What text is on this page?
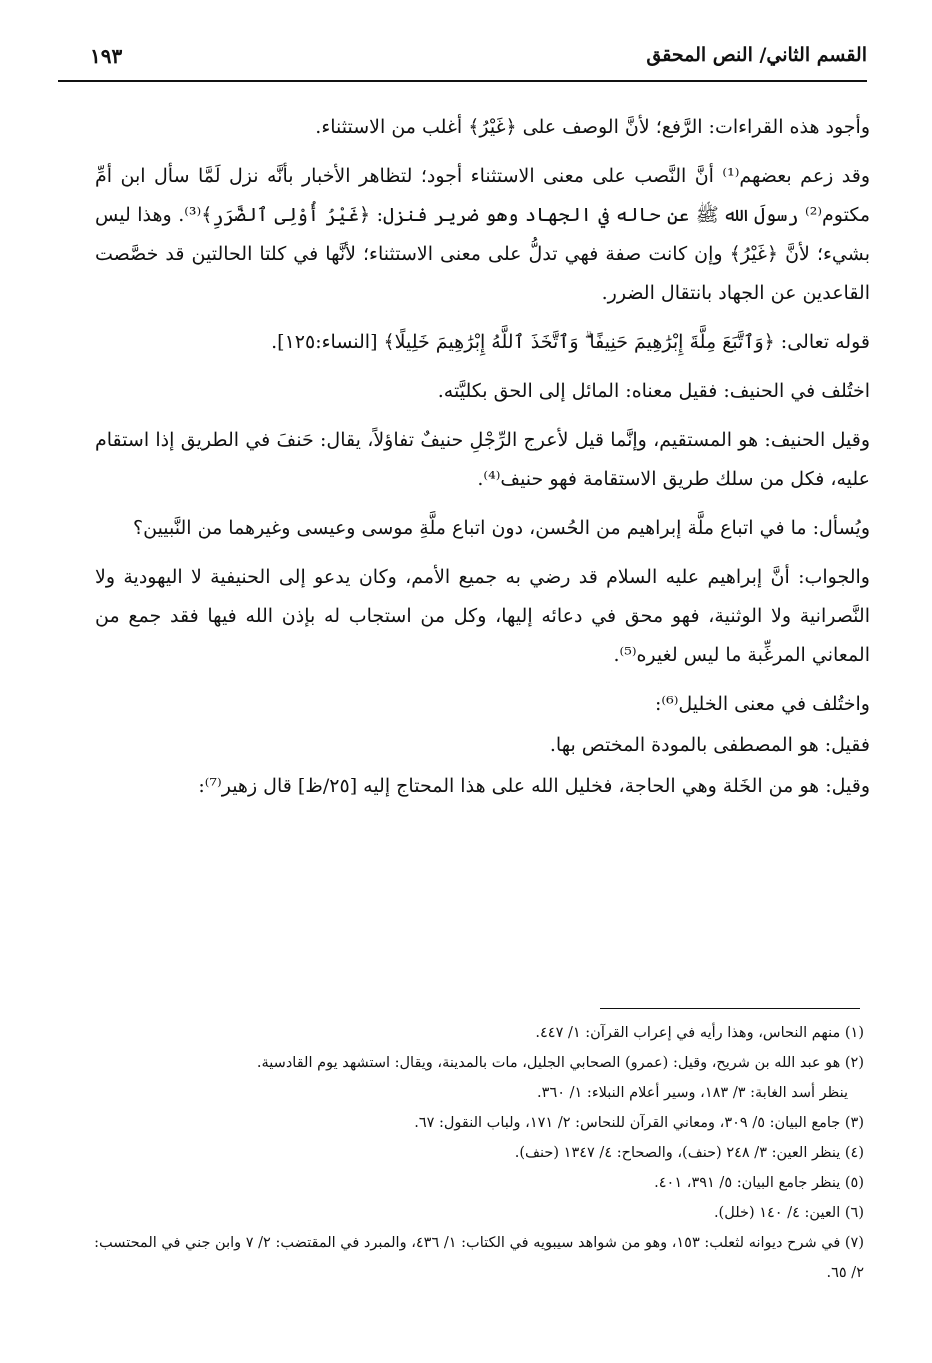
القسم الثاني/ النص المحقق
١٩٣

وأجود هذه القراءات: الرَّفع؛ لأنَّ الوصف على ﴿غَيْرُ﴾ أغلب من الاستثناء.

وقد زعم بعضهم⁽¹⁾ أنَّ النَّصب على معنى الاستثناء أجود؛ لتظاهر الأخبار بأنَّه نزل لَمَّا سأل ابن أمِّ مكتوم⁽²⁾ رسولَ الله ﷺ عن حاله في الجهاد وهو ضرير فنزل: ﴿غَيْرُ أُوْلِى ٱلضَّرَرِ﴾⁽³⁾. وهذا ليس بشيء؛ لأنَّ ﴿غَيْرُ﴾ وإن كانت صفة فهي تدلُّ على معنى الاستثناء؛ لأنَّها في كلتا الحالتين قد خصَّصت القاعدين عن الجهاد بانتقال الضرر.

قوله تعالى: ﴿وَٱتَّبَعَ مِلَّةَ إِبْرَٰهِيمَ حَنِيفًا ۗ وَٱتَّخَذَ ٱللَّهُ إِبْرَٰهِيمَ خَلِيلًا﴾ [النساء:١٢٥].

اختُلف في الحنيف: فقيل معناه: المائل إلى الحق بكليَّته.

وقيل الحنيف: هو المستقيم، وإنَّما قيل لأعرج الرِّجْلِ حنيفٌ تفاؤلاً، يقال: حَنفَ في الطريق إذا استقام عليه، فكل من سلك طريق الاستقامة فهو حنيف⁽⁴⁾.

ويُسأل: ما في اتباع ملَّة إبراهيم من الحُسن، دون اتباع ملَّةِ موسى وعيسى وغيرهما من النَّبيين؟

والجواب: أنَّ إبراهيم عليه السلام قد رضي به جميع الأمم، وكان يدعو إلى الحنيفية لا اليهودية ولا النَّصرانية ولا الوثنية، فهو محق في دعائه إليها، وكل من استجاب له بإذن الله فيها فقد جمع من المعاني المرغِّبة ما ليس لغيره⁽⁵⁾.

واختُلف في معنى الخليل⁽⁶⁾:

فقيل: هو المصطفى بالمودة المختص بها.

وقيل: هو من الخَلة وهي الحاجة، فخليل الله على هذا المحتاج إليه [٢٥/ظ] قال زهير⁽⁷⁾:

(١) منهم النحاس، وهذا رأيه في إعراب القرآن: ١/ ٤٤٧.
(٢) هو عبد الله بن شريح، وقيل: (عمرو) الصحابي الجليل، مات بالمدينة، ويقال: استشهد يوم القادسية.
ينظر أسد الغابة: ٣/ ١٨٣، وسير أعلام النبلاء: ١/ ٣٦٠.
(٣) جامع البيان: ٥/ ٣٠٩، ومعاني القرآن للنحاس: ٢/ ١٧١، ولباب النقول: ٦٧.
(٤) ينظر العين: ٣/ ٢٤٨ (حنف)، والصحاح: ٤/ ١٣٤٧ (حنف).
(٥) ينظر جامع البيان: ٥/ ٣٩١، ٤٠١.
(٦) العين: ٤/ ١٤٠ (خلل).
(٧) في شرح ديوانه لثعلب: ١٥٣، وهو من شواهد سيبويه في الكتاب: ١/ ٤٣٦، والمبرد في المقتضب: ٢/ ٧ وابن جني في المحتسب: ٢/ ٦٥.
